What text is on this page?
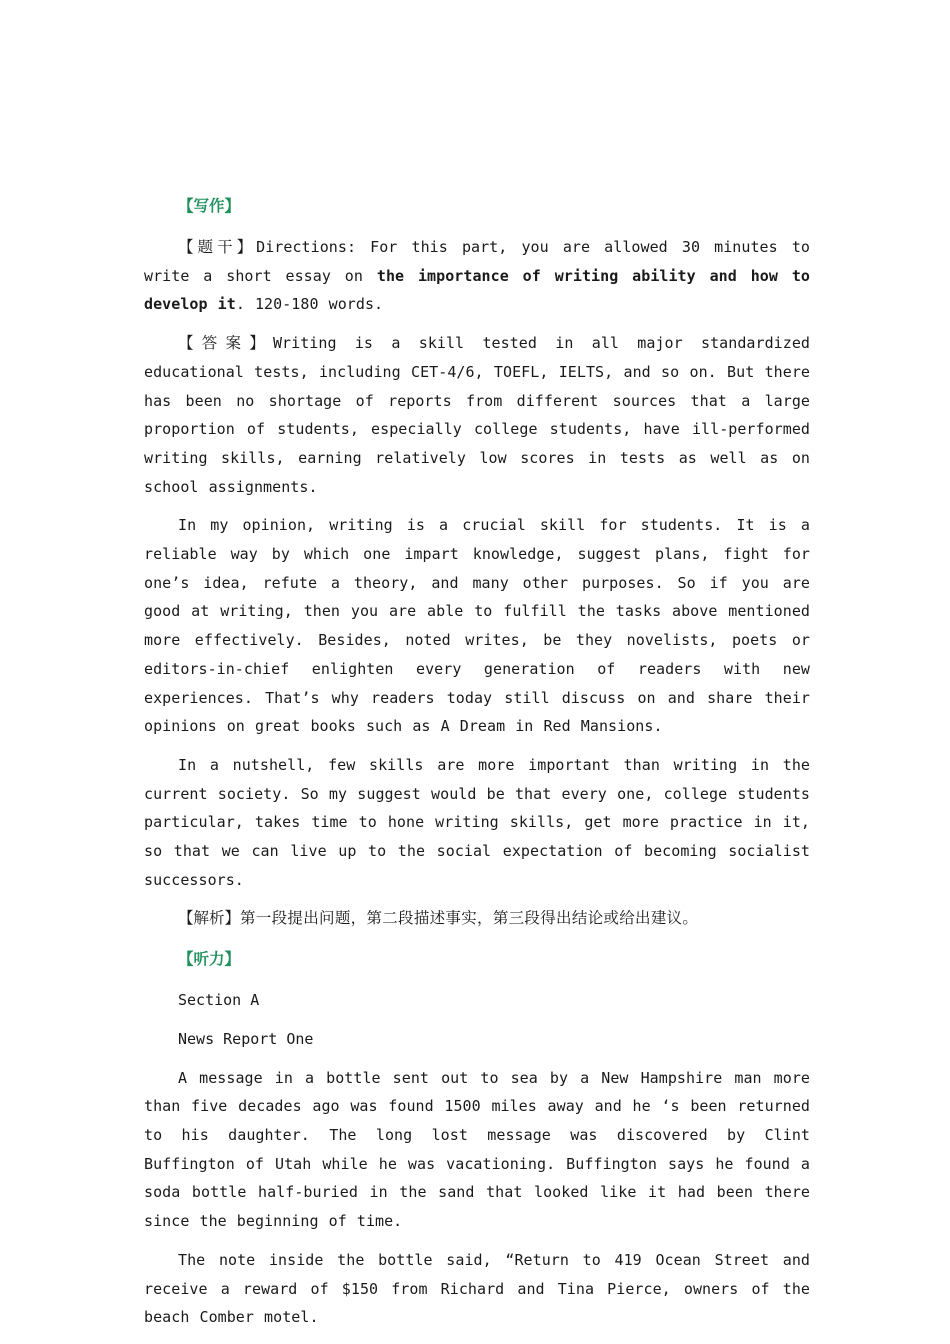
【写作】

【题干】Directions: For this part, you are allowed 30 minutes to write a short essay on the importance of writing ability and how to develop it. 120-180 words.

【答案】Writing is a skill tested in all major standardized educational tests, including CET-4/6, TOEFL, IELTS, and so on. But there has been no shortage of reports from different sources that a large proportion of students, especially college students, have ill-performed writing skills, earning relatively low scores in tests as well as on school assignments.

In my opinion, writing is a crucial skill for students. It is a reliable way by which one impart knowledge, suggest plans, fight for one’s idea, refute a theory, and many other purposes. So if you are good at writing, then you are able to fulfill the tasks above mentioned more effectively. Besides, noted writes, be they novelists, poets or editors-in-chief enlighten every generation of readers with new experiences. That’s why readers today still discuss on and share their opinions on great books such as A Dream in Red Mansions.

In a nutshell, few skills are more important than writing in the current society. So my suggest would be that every one, college students particular, takes time to hone writing skills, get more practice in it, so that we can live up to the social expectation of becoming socialist successors.

【解析】第一段提出问题，第二段描述事实，第三段得出结论或给出建议。

【听力】
Section A
News Report One

A message in a bottle sent out to sea by a New Hampshire man more than five decades ago was found 1500 miles away and he ‘s been returned to his daughter. The long lost message was discovered by Clint Buffington of Utah while he was vacationing. Buffington says he found a soda bottle half-buried in the sand that looked like it had been there since the beginning of time.

The note inside the bottle said, “Return to 419 Ocean Street and receive a reward of $150 from Richard and Tina Pierce, owners of the beach Comber motel.
